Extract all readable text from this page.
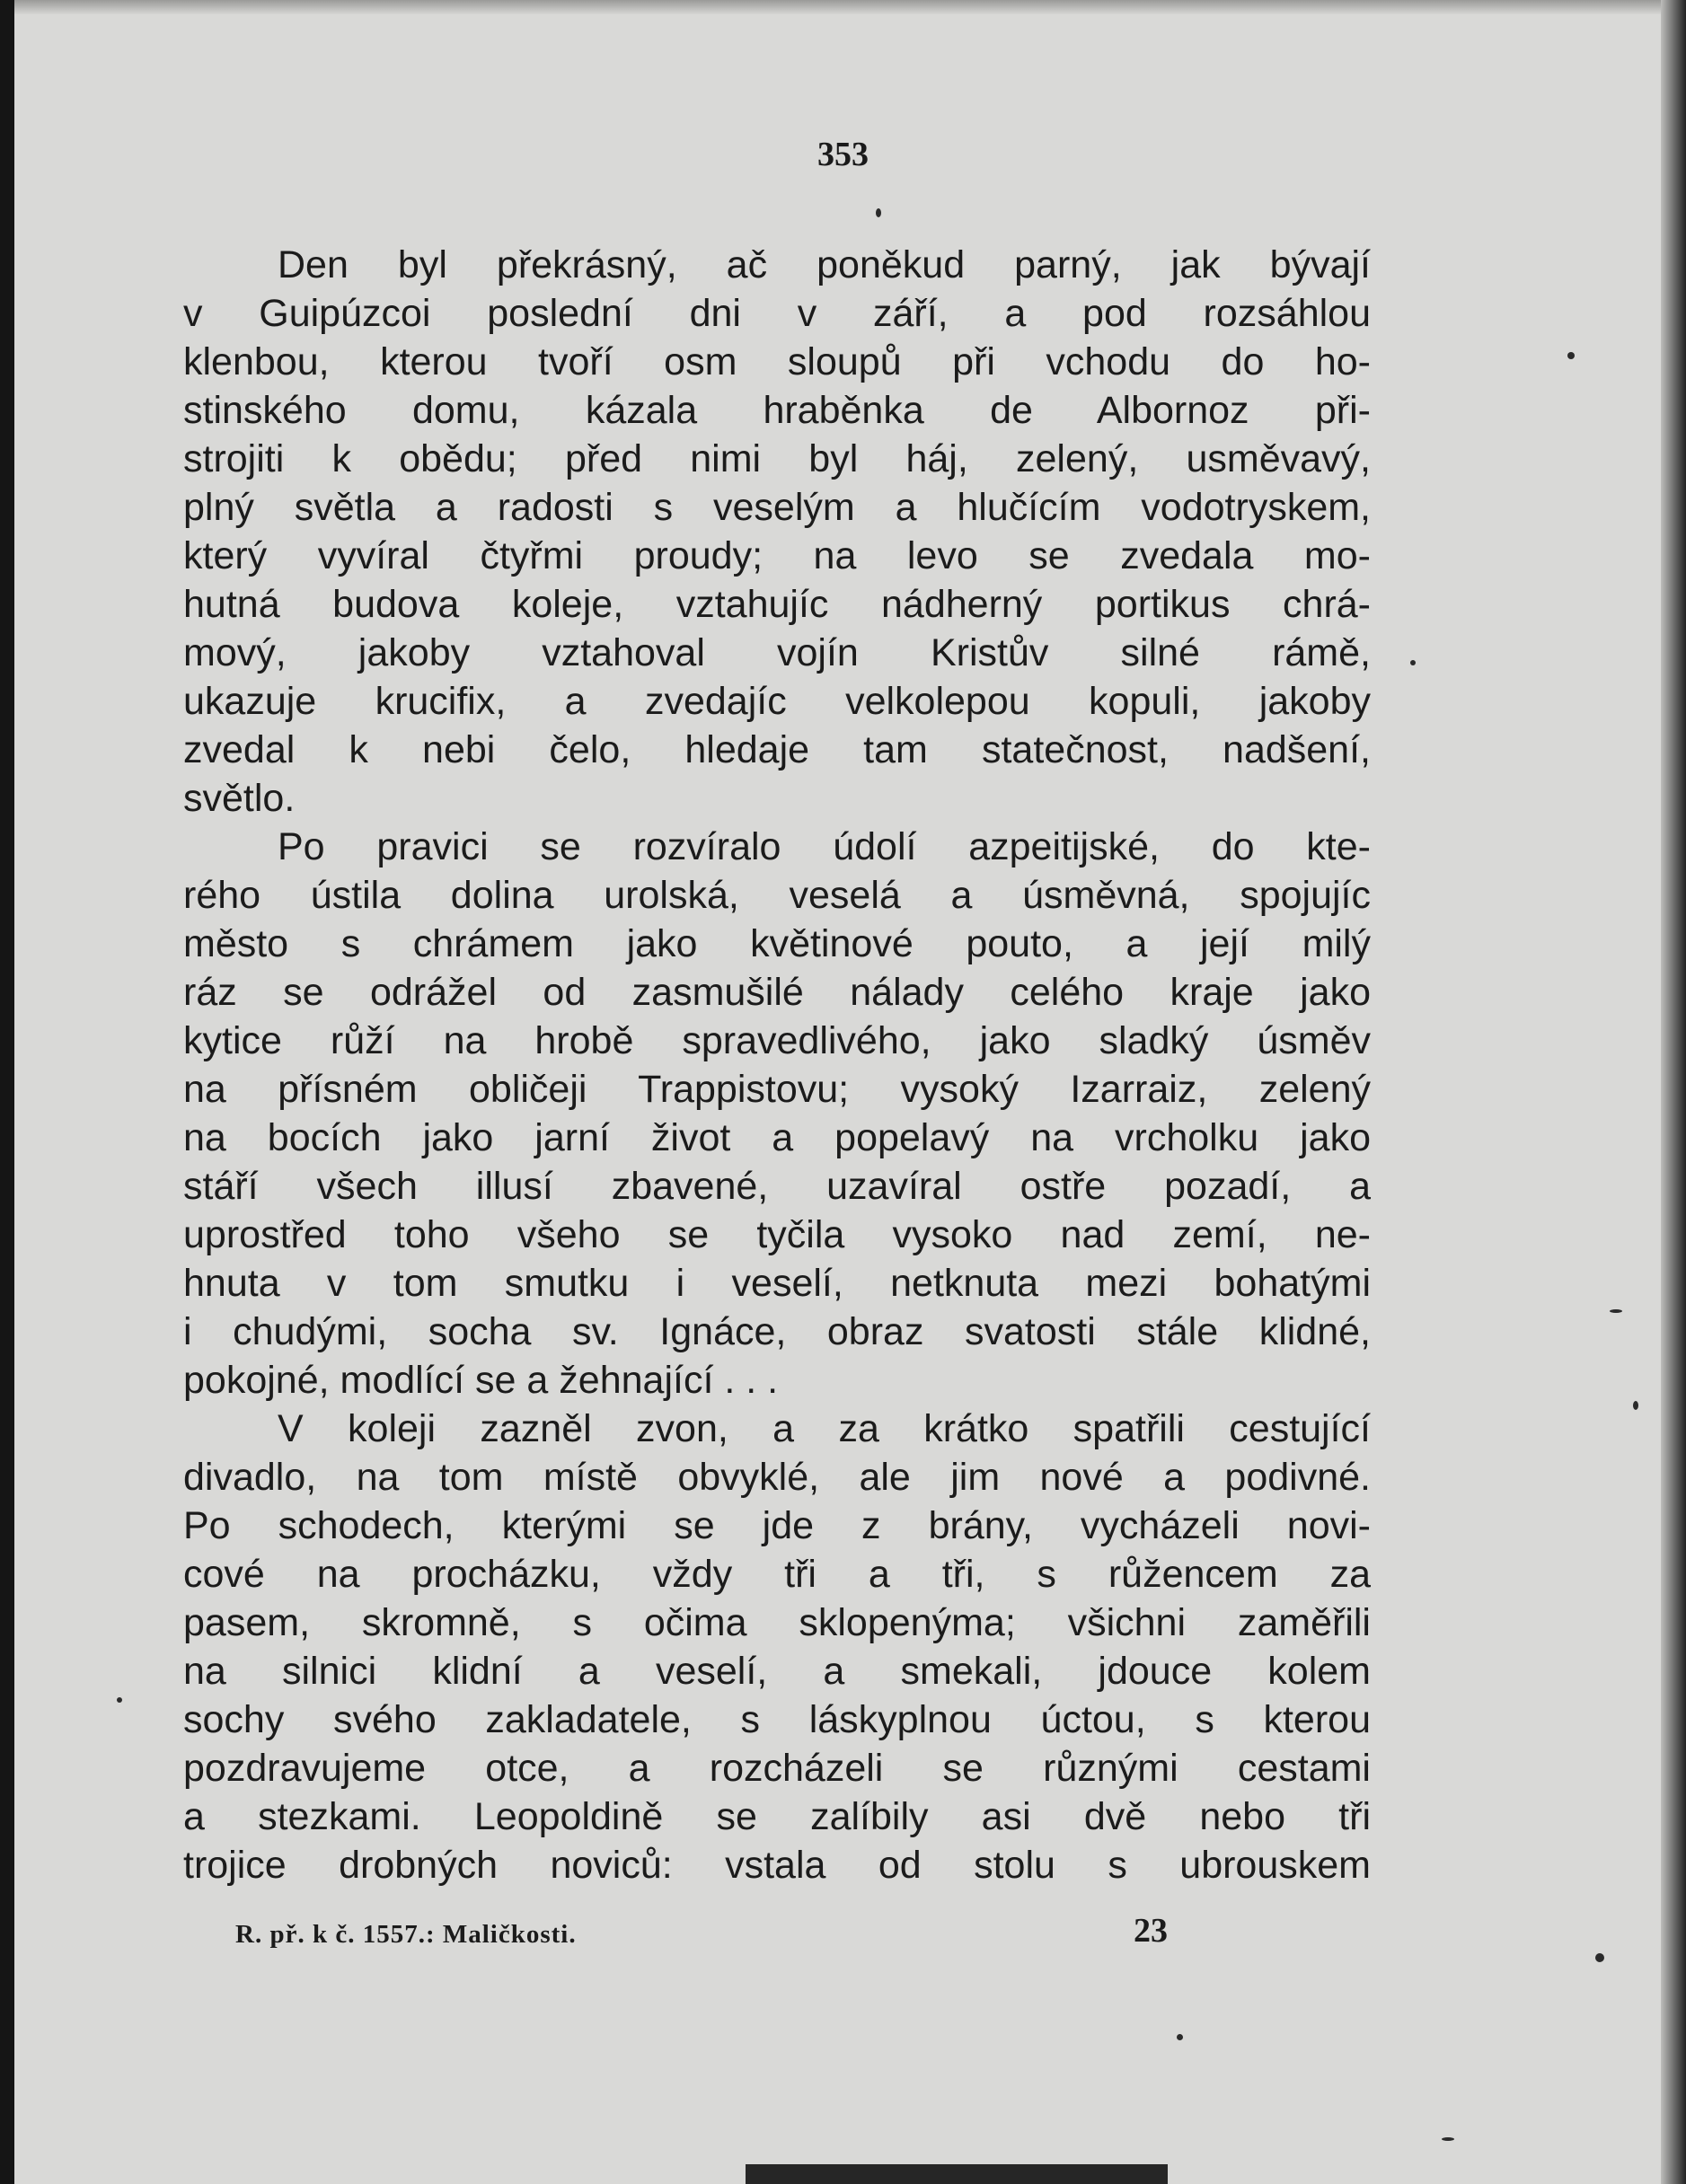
353
Den byl překrásný, ač poněkud parný, jak bývají
v Guipúzcoi poslední dni v září, a pod rozsáhlou
klenbou, kterou tvoří osm sloupů při vchodu do ho-
stinského domu, kázala hraběnka de Albornoz při-
strojiti k obědu; před nimi byl háj, zelený, usměvavý,
plný světla a radosti s veselým a hlučícím vodotryskem,
který vyvíral čtyřmi proudy; na levo se zvedala mo-
hutná budova koleje, vztahujíc nádherný portikus chrá-
mový, jakoby vztahoval vojín Kristův silné rámě,
ukazuje krucifix, a zvedajíc velkolepou kopuli, jakoby
zvedal k nebi čelo, hledaje tam statečnost, nadšení,
světlo.
Po pravici se rozvíralo údolí azpeitijské, do kte-
rého ústila dolina urolská, veselá a úsměvná, spojujíc
město s chrámem jako květinové pouto, a její milý
ráz se odrážel od zasmušilé nálady celého kraje jako
kytice růží na hrobě spravedlivého, jako sladký úsměv
na přísném obličeji Trappistovu; vysoký Izarraiz, zelený
na bocích jako jarní život a popelavý na vrcholku jako
stáří všech illusí zbavené, uzavíral ostře pozadí, a
uprostřed toho všeho se tyčila vysoko nad zemí, ne-
hnuta v tom smutku i veselí, netknuta mezi bohatými
i chudými, socha sv. Ignáce, obraz svatosti stále klidné,
pokojné, modlící se a žehnající . . .
V koleji zazněl zvon, a za krátko spatřili cestující
divadlo, na tom místě obvyklé, ale jim nové a podivné.
Po schodech, kterými se jde z brány, vycházeli novi-
cové na procházku, vždy tři a tři, s růžencem za
pasem, skromně, s očima sklopenýma; všichni zaměřili
na silnici klidní a veselí, a smekali, jdouce kolem
sochy svého zakladatele, s láskyplnou úctou, s kterou
pozdravujeme otce, a rozcházeli se různými cestami
a stezkami. Leopoldině se zalíbily asi dvě nebo tři
trojice drobných noviců: vstala od stolu s ubrouskem
R. př. k č. 1557.: Maličkosti.	23
